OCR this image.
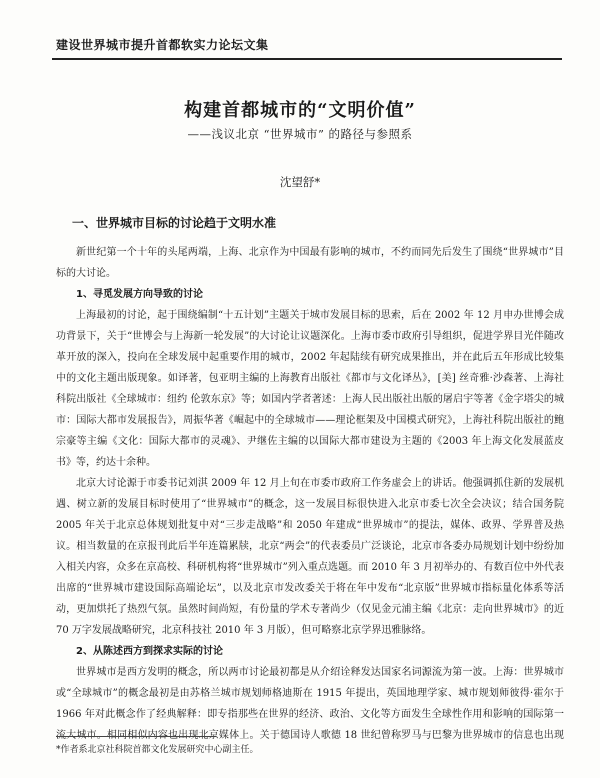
建设世界城市提升首都软实力论坛文集
构建首都城市的“文明价值”
——浅议北京 “世界城市” 的路径与参照系
沈望舒*
一、世界城市目标的讨论趋于文明水准

新世纪第一个十年的头尾两端，上海、北京作为中国最有影响的城市，不约而同先后发生了围绕“世界城市”目标的大讨论。

1、寻觅发展方向导致的讨论

上海最初的讨论，起于围绕编制“十五计划”主题关于城市发展目标的思索，后在 2002 年 12 月申办世博会成功背景下，关于“世博会与上海新一轮发展”的大讨论让议题深化。上海市委市政府引导组织，促进学界目光伴随改革开放的深入，投向在全球发展中起重要作用的城市，2002 年起陆续有研究成果推出，并在此后五年形成比较集中的文化主题出版现象。如译著，包亚明主编的上海教育出版社《都市与文化译丛》，[美] 丝奇雅·沙森著、上海社科院出版社《全球城市：纽约 伦敦东京》等；如国内学者著述：上海人民出版社出版的屠启宇等著《金字塔尖的城市：国际大都市发展报告》，周振华著《崛起中的全球城市——理论框架及中国模式研究》，上海社科院出版社的鲍宗豪等主编《文化：国际大都市的灵魂》、尹继佐主编的以国际大都市建设为主题的《2003 年上海文化发展蓝皮书》等，约达十余种。

北京大讨论源于市委书记刘淇 2009 年 12 月上旬在市委市政府工作务虚会上的讲话。他强调抓住新的发展机遇、树立新的发展目标时使用了“世界城市”的概念，这一发展目标很快进入北京市委七次全会决议；结合国务院 2005 年关于北京总体规划批复中对“三步走战略”和 2050 年建成“世界城市”的提法，媒体、政界、学界普及热议。相当数量的在京报刊此后半年连篇累牍，北京“两会”的代表委员广泛谈论，北京市各委办局规划计划中纷纷加入相关内容，众多在京高校、科研机构将“世界城市”列入重点选题。而 2010 年 3 月初举办的、有数百位中外代表出席的“世界城市建设国际高端论坛”，以及北京市发改委关于将在年中发布“北京版”世界城市指标量化体系等活动，更加烘托了热烈气氛。虽然时间尚短，有份量的学术专著尚少（仅见金元浦主编《北京：走向世界城市》的近 70 万字发展战略研究，北京科技社 2010 年 3 月版），但可略察北京学界迅雅脉络。

2、从陈述西方到探求实际的讨论

世界城市是西方发明的概念，所以两市讨论最初都是从介绍诠释发达国家名词源流为第一波。上海：世界城市或“全球城市”的概念最初是由苏格兰城市规划师格迪斯在 1915 年提出，英国地理学家、城市规划师彼得·霍尔于 1966 年对此概念作了经典解释：即专指那些在世界的经济、政治、文化等方面发生全球性作用和影响的国际第一流大城市。相同相似内容也出现北京媒体上。关于德国诗人歌德 18 世纪曾称罗马与巴黎为世界城市的信息也出现

*作者系北京社科院首都文化发展研究中心副主任。
